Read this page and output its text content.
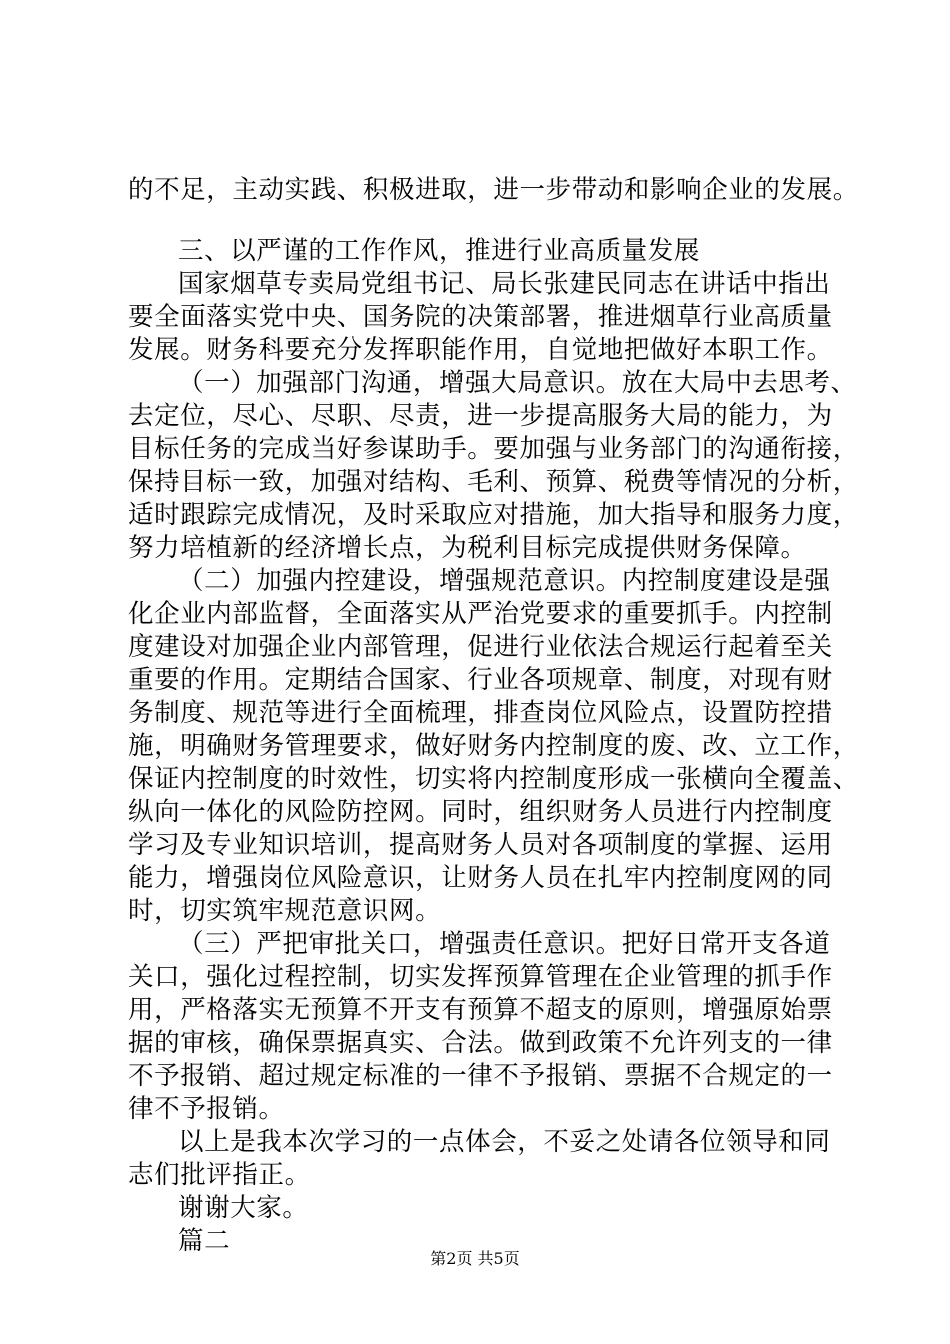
的不足，主动实践、积极进取，进一步带动和影响企业的发展。
三、以严谨的工作作风，推进行业高质量发展
国家烟草专卖局党组书记、局长张建民同志在讲话中指出
要全面落实党中央、国务院的决策部署，推进烟草行业高质量
发展。财务科要充分发挥职能作用，自觉地把做好本职工作。
（一）加强部门沟通，增强大局意识。放在大局中去思考、
去定位，尽心、尽职、尽责，进一步提高服务大局的能力，为
目标任务的完成当好参谋助手。要加强与业务部门的沟通衔接，
保持目标一致，加强对结构、毛利、预算、税费等情况的分析，
适时跟踪完成情况，及时采取应对措施，加大指导和服务力度，
努力培植新的经济增长点，为税利目标完成提供财务保障。
（二）加强内控建设，增强规范意识。内控制度建设是强
化企业内部监督，全面落实从严治党要求的重要抓手。内控制
度建设对加强企业内部管理，促进行业依法合规运行起着至关
重要的作用。定期结合国家、行业各项规章、制度，对现有财
务制度、规范等进行全面梳理，排查岗位风险点，设置防控措
施，明确财务管理要求，做好财务内控制度的废、改、立工作，
保证内控制度的时效性，切实将内控制度形成一张横向全覆盖、
纵向一体化的风险防控网。同时，组织财务人员进行内控制度
学习及专业知识培训，提高财务人员对各项制度的掌握、运用
能力，增强岗位风险意识，让财务人员在扎牢内控制度网的同
时，切实筑牢规范意识网。
（三）严把审批关口，增强责任意识。把好日常开支各道
关口，强化过程控制，切实发挥预算管理在企业管理的抓手作
用，严格落实无预算不开支有预算不超支的原则，增强原始票
据的审核，确保票据真实、合法。做到政策不允许列支的一律
不予报销、超过规定标准的一律不予报销、票据不合规定的一
律不予报销。
以上是我本次学习的一点体会，不妥之处请各位领导和同
志们批评指正。
谢谢大家。
篇二
第2页 共5页
